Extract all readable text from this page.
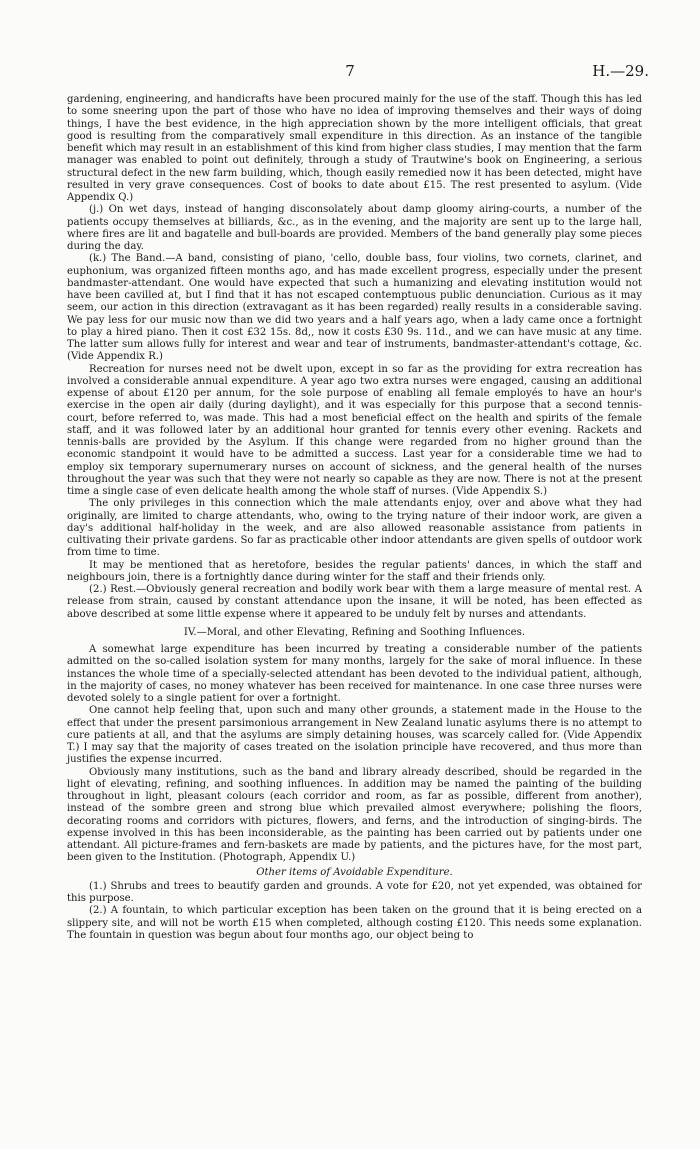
7	H.—29.

gardening, engineering, and handicrafts have been procured mainly for the use of the staff. Though this has led to some sneering upon the part of those who have no idea of improving themselves and their ways of doing things, I have the best evidence, in the high appreciation shown by the more intelligent officials, that great good is resulting from the comparatively small expenditure in this direction. As an instance of the tangible benefit which may result in an establishment of this kind from higher class studies, I may mention that the farm manager was enabled to point out definitely, through a study of Trautwine's book on Engineering, a serious structural defect in the new farm building, which, though easily remedied now it has been detected, might have resulted in very grave consequences. Cost of books to date about £15. The rest presented to asylum. (Vide Appendix Q.)

(j.) On wet days, instead of hanging disconsolately about damp gloomy airing-courts, a number of the patients occupy themselves at billiards, &c., as in the evening, and the majority are sent up to the large hall, where fires are lit and bagatelle and bull-boards are provided. Members of the band generally play some pieces during the day.

(k.) The Band.—A band, consisting of piano, 'cello, double bass, four violins, two cornets, clarinet, and euphonium, was organized fifteen months ago, and has made excellent progress, especially under the present bandmaster-attendant. One would have expected that such a humanizing and elevating institution would not have been cavilled at, but I find that it has not escaped contemptuous public denunciation. Curious as it may seem, our action in this direction (extravagant as it has been regarded) really results in a considerable saving. We pay less for our music now than we did two years and a half years ago, when a lady came once a fortnight to play a hired piano. Then it cost £32 15s. 8d,, now it costs £30 9s. 11d., and we can have music at any time. The latter sum allows fully for interest and wear and tear of instruments, bandmaster-attendant's cottage, &c. (Vide Appendix R.)

Recreation for nurses need not be dwelt upon, except in so far as the providing for extra recreation has involved a considerable annual expenditure. A year ago two extra nurses were engaged, causing an additional expense of about £120 per annum, for the sole purpose of enabling all female employés to have an hour's exercise in the open air daily (during daylight), and it was especially for this purpose that a second tennis-court, before referred to, was made. This had a most beneficial effect on the health and spirits of the female staff, and it was followed later by an additional hour granted for tennis every other evening. Rackets and tennis-balls are provided by the Asylum. If this change were regarded from no higher ground than the economic standpoint it would have to be admitted a success. Last year for a considerable time we had to employ six temporary supernumerary nurses on account of sickness, and the general health of the nurses throughout the year was such that they were not nearly so capable as they are now. There is not at the present time a single case of even delicate health among the whole staff of nurses. (Vide Appendix S.)

The only privileges in this connection which the male attendants enjoy, over and above what they had originally, are limited to charge attendants, who, owing to the trying nature of their indoor work, are given a day's additional half-holiday in the week, and are also allowed reasonable assistance from patients in cultivating their private gardens. So far as practicable other indoor attendants are given spells of outdoor work from time to time.

It may be mentioned that as heretofore, besides the regular patients' dances, in which the staff and neighbours join, there is a fortnightly dance during winter for the staff and their friends only.

(2.) Rest.—Obviously general recreation and bodily work bear with them a large measure of mental rest. A release from strain, caused by constant attendance upon the insane, it will be noted, has been effected as above described at some little expense where it appeared to be unduly felt by nurses and attendants.

IV.—Moral, and other Elevating, Refining and Soothing Influences.

A somewhat large expenditure has been incurred by treating a considerable number of the patients admitted on the so-called isolation system for many months, largely for the sake of moral influence. In these instances the whole time of a specially-selected attendant has been devoted to the individual patient, although, in the majority of cases, no money whatever has been received for maintenance. In one case three nurses were devoted solely to a single patient for over a fortnight.

One cannot help feeling that, upon such and many other grounds, a statement made in the House to the effect that under the present parsimonious arrangement in New Zealand lunatic asylums there is no attempt to cure patients at all, and that the asylums are simply detaining houses, was scarcely called for. (Vide Appendix T.) I may say that the majority of cases treated on the isolation principle have recovered, and thus more than justifies the expense incurred.

Obviously many institutions, such as the band and library already described, should be regarded in the light of elevating, refining, and soothing influences. In addition may be named the painting of the building throughout in light, pleasant colours (each corridor and room, as far as possible, different from another), instead of the sombre green and strong blue which prevailed almost everywhere; polishing the floors, decorating rooms and corridors with pictures, flowers, and ferns, and the introduction of singing-birds. The expense involved in this has been inconsiderable, as the painting has been carried out by patients under one attendant. All picture-frames and fern-baskets are made by patients, and the pictures have, for the most part, been given to the Institution. (Photograph, Appendix U.)

Other items of Avoidable Expenditure.

(1.) Shrubs and trees to beautify garden and grounds. A vote for £20, not yet expended, was obtained for this purpose.

(2.) A fountain, to which particular exception has been taken on the ground that it is being erected on a slippery site, and will not be worth £15 when completed, although costing £120. This needs some explanation. The fountain in question was begun about four months ago, our object being to
